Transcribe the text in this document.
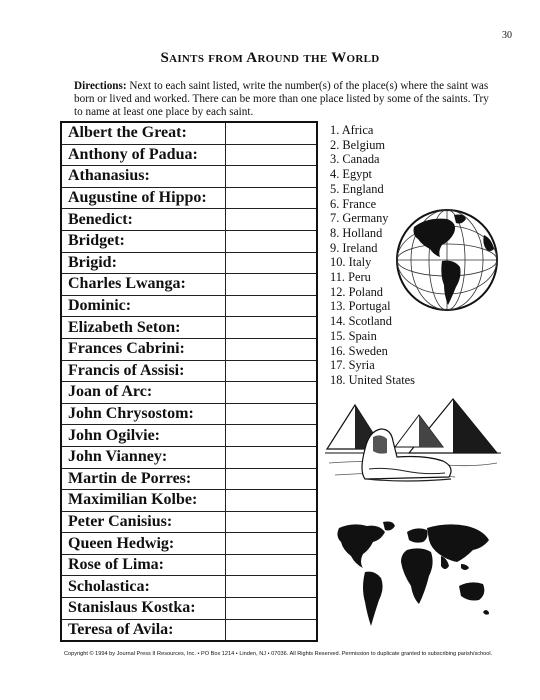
30
Saints from Around the World
Directions: Next to each saint listed, write the number(s) of the place(s) where the saint was born or lived and worked. There can be more than one place listed by some of the saints. Try to name at least one place by each saint.
Albert the Great:	
Anthony of Padua:	
Athanasius:	
Augustine of Hippo:	
Benedict:	
Bridget:	
Brigid:	
Charles Lwanga:	
Dominic:	
Elizabeth Seton:	
Frances Cabrini:	
Francis of Assisi:	
Joan of Arc:	
John Chrysostom:	
John Ogilvie:	
John Vianney:	
Martin de Porres:	
Maximilian Kolbe:	
Peter Canisius:	
Queen Hedwig:	
Rose of Lima:	
Scholastica:	
Stanislaus Kostka:	
Teresa of Avila:	
1. Africa
2. Belgium
3. Canada
4. Egypt
5. England
6. France
7. Germany
8. Holland
9. Ireland
10. Italy
11. Peru
12. Poland
13. Portugal
14. Scotland
15. Spain
16. Sweden
17. Syria
18. United States
Copyright © 1994 by Journal Press II Resources, Inc. • PO Box 1214 • Linden, NJ • 07036. All Rights Reserved. Permission to duplicate granted to subscribing parish/school.
